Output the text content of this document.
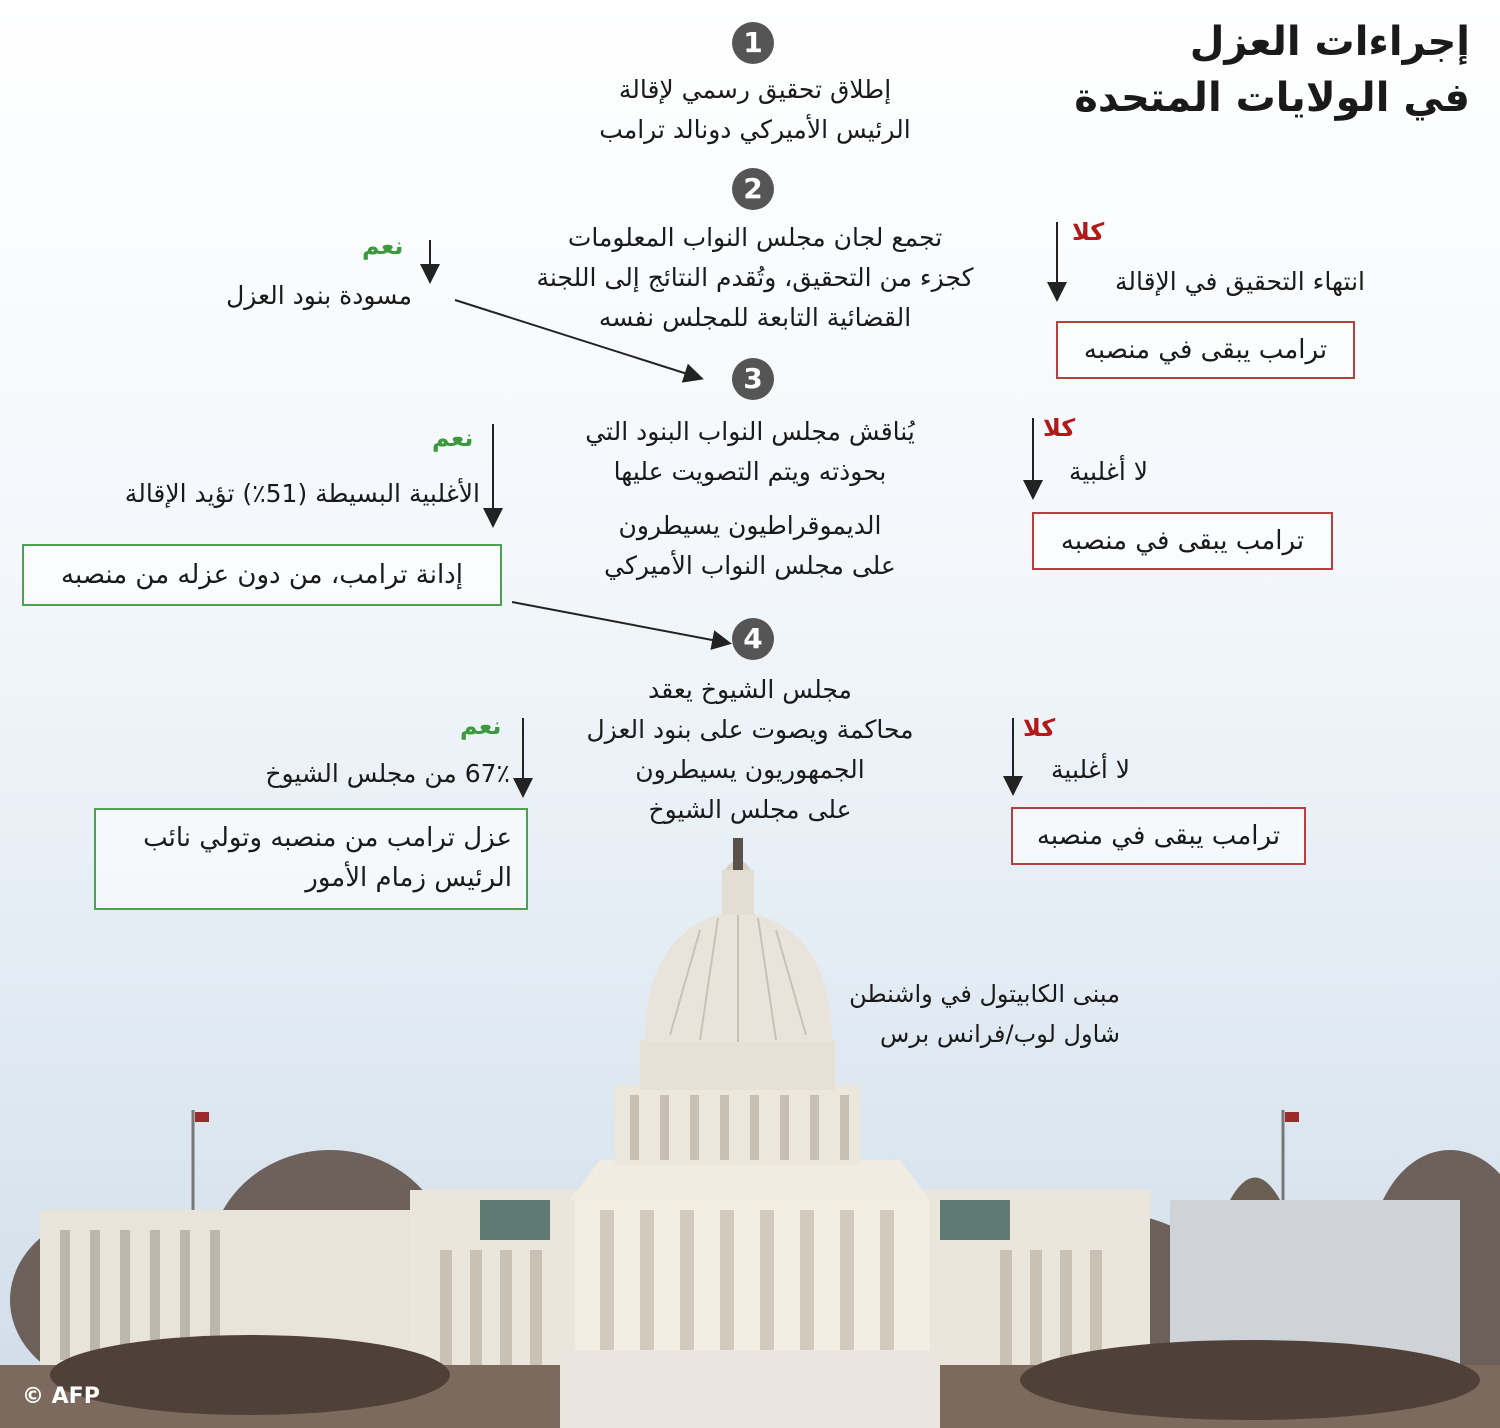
إجراءات العزل
في الولايات المتحدة
1
إطلاق تحقيق رسمي لإقالة
الرئيس الأميركي دونالد ترامب
2
تجمع لجان مجلس النواب المعلومات
كجزء من التحقيق، وتُقدم النتائج إلى اللجنة
القضائية التابعة للمجلس نفسه
كلا
انتهاء التحقيق في الإقالة
ترامب يبقى في منصبه
نعم
مسودة بنود العزل
3
يُناقش مجلس النواب البنود التي
بحوذته ويتم التصويت عليها
الديموقراطيون يسيطرون
على مجلس النواب الأميركي
كلا
لا أغلبية
ترامب يبقى في منصبه
نعم
الأغلبية البسيطة (51٪) تؤيد الإقالة
إدانة ترامب، من دون عزله من منصبه
4
مجلس الشيوخ يعقد
محاكمة ويصوت على بنود العزل
الجمهوريون يسيطرون
على مجلس الشيوخ
كلا
لا أغلبية
ترامب يبقى في منصبه
نعم
67٪ من مجلس الشيوخ
عزل ترامب من منصبه وتولي نائب
الرئيس زمام الأمور
مبنى الكابيتول في واشنطن
شاول لوب/فرانس برس
© AFP
